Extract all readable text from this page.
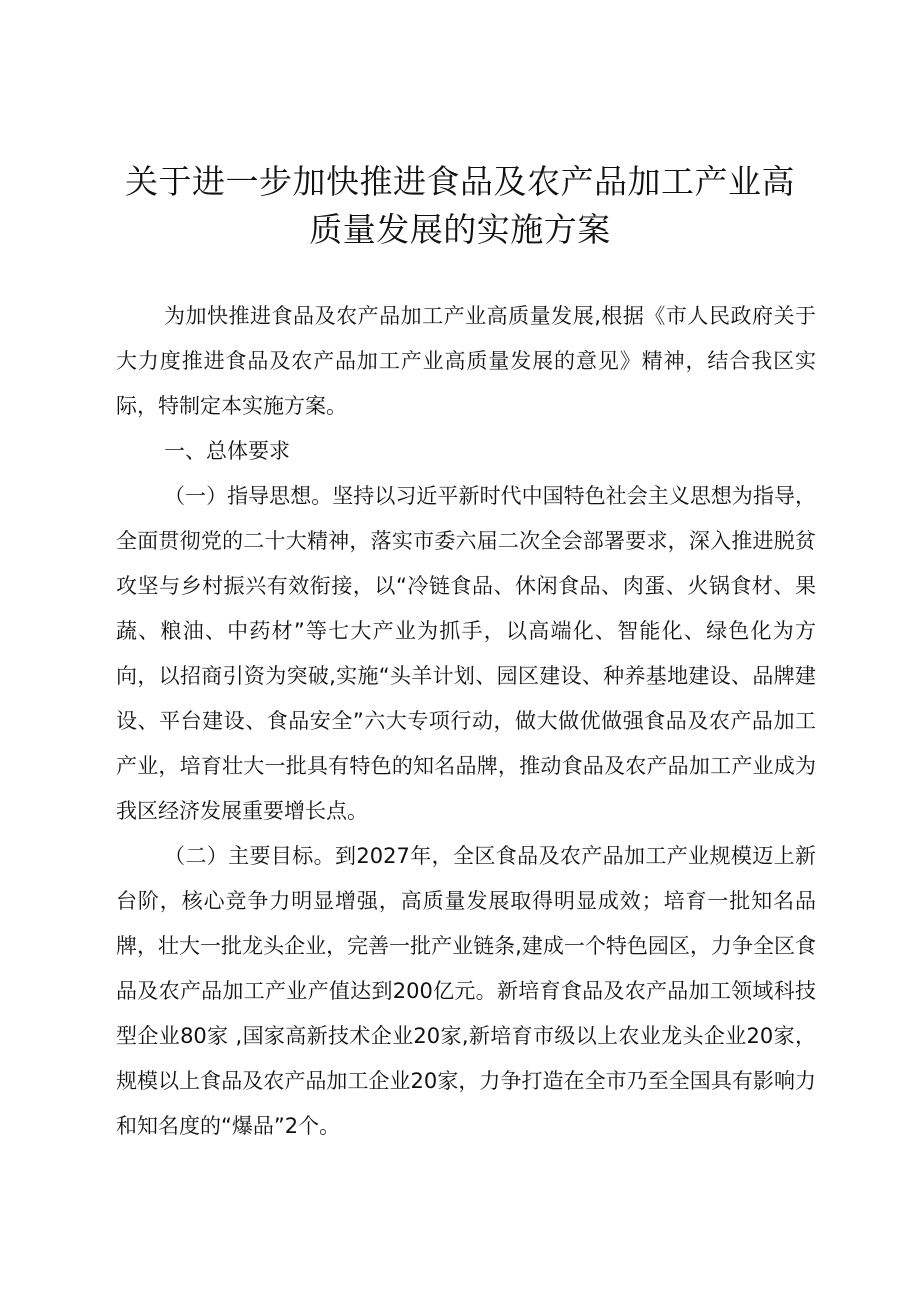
关于进一步加快推进食品及农产品加工产业高
质量发展的实施方案

为加快推进食品及农产品加工产业高质量发展,根据《市人民政府关于大力度推进食品及农产品加工产业高质量发展的意见》精神，结合我区实际，特制定本实施方案。

一、总体要求

（一）指导思想。坚持以习近平新时代中国特色社会主义思想为指导，全面贯彻党的二十大精神，落实市委六届二次全会部署要求，深入推进脱贫攻坚与乡村振兴有效衔接，以“冷链食品、休闲食品、肉蛋、火锅食材、果蔬、粮油、中药材”等七大产业为抓手，以高端化、智能化、绿色化为方向，以招商引资为突破,实施“头羊计划、园区建设、种养基地建设、品牌建设、平台建设、食品安全”六大专项行动，做大做优做强食品及农产品加工产业，培育壮大一批具有特色的知名品牌，推动食品及农产品加工产业成为我区经济发展重要增长点。

（二）主要目标。到2027年，全区食品及农产品加工产业规模迈上新台阶，核心竞争力明显增强，高质量发展取得明显成效；培育一批知名品牌，壮大一批龙头企业，完善一批产业链条,建成一个特色园区，力争全区食品及农产品加工产业产值达到200亿元。新培育食品及农产品加工领域科技型企业80家 ,国家高新技术企业20家,新培育市级以上农业龙头企业20家，规模以上食品及农产品加工企业20家，力争打造在全市乃至全国具有影响力和知名度的“爆品”2个。
